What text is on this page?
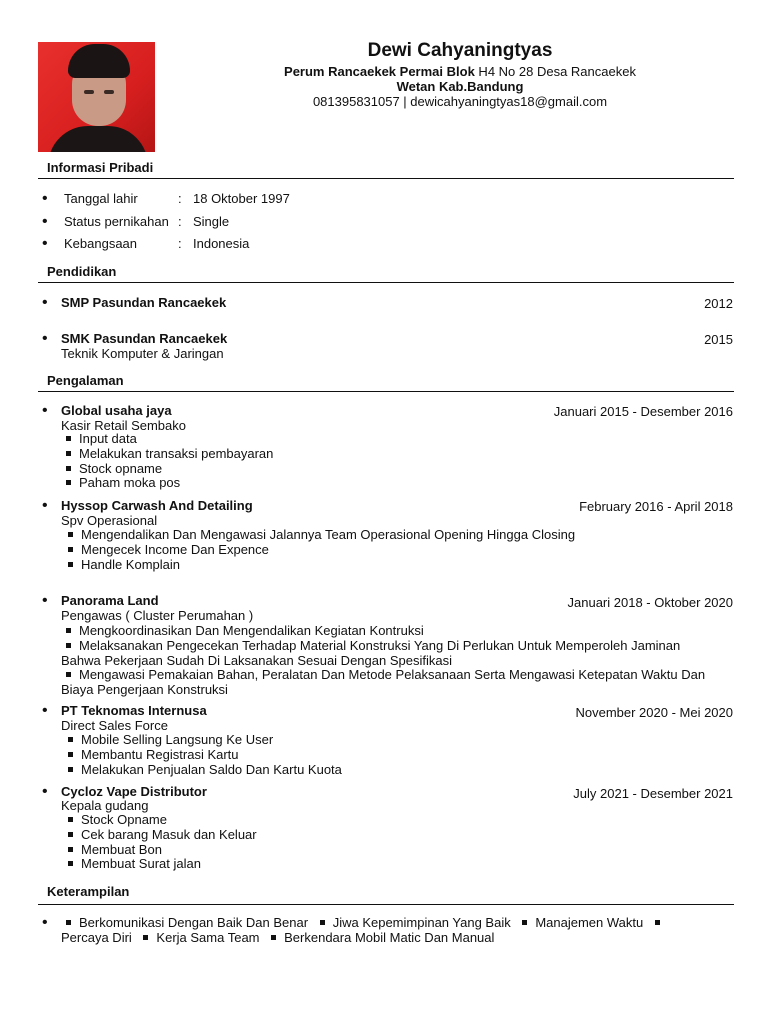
Dewi Cahyaningtyas

Perum Rancaekek Permai Blok H4 No 28 Desa Rancaekek

Wetan Kab.Bandung

081395831057 | dewicahyaningtyas18@gmail.com

Informasi Pribadi
• Tanggal lahir	: 18 Oktober 1997
• Status pernikahan : Single
• Kebangsaan	: Indonesia
Pendidikan
• SMP Pasundan Rancaekek	2012
• SMK Pasundan Rancaekek	2015
Teknik Komputer & Jaringan
Pengalaman
• Global usaha jaya	Januari 2015 - Desember 2016
Kasir Retail Sembako
Input data
Melakukan transaksi pembayaran
Stock opname
Paham moka pos
• Hyssop Carwash And Detailing	February 2016 - April 2018
Spv Operasional
Mengendalikan Dan Mengawasi Jalannya Team Operasional Opening Hingga Closing
Mengecek Income Dan Expence
Handle Komplain
• Panorama Land	Januari 2018 - Oktober 2020
Pengawas ( Cluster Perumahan )
Mengkoordinasikan Dan Mengendalikan Kegiatan Kontruksi
Melaksanakan Pengecekan Terhadap Material Konstruksi Yang Di Perlukan Untuk Memperoleh Jaminan
Bahwa Pekerjaan Sudah Di Laksanakan Sesuai Dengan Spesifikasi
Mengawasi Pemakaian Bahan, Peralatan Dan Metode Pelaksanaan Serta Mengawasi Ketepatan Waktu Dan
Biaya Pengerjaan Konstruksi
• PT Teknomas Internusa	November 2020 - Mei 2020
Direct Sales Force
Mobile Selling Langsung Ke User
Membantu Registrasi Kartu
Melakukan Penjualan Saldo Dan Kartu Kuota
• Cycloz Vape Distributor	July 2021 - Desember 2021
Kepala gudang
Stock Opname
Cek barang Masuk dan Keluar
Membuat Bon
Membuat Surat jalan
Keterampilan
•	Berkomunikasi Dengan Baik Dan Benar Jiwa Kepemimpinan Yang Baik Manajemen Waktu
Percaya Diri Kerja Sama Team Berkendara Mobil Matic Dan Manual
